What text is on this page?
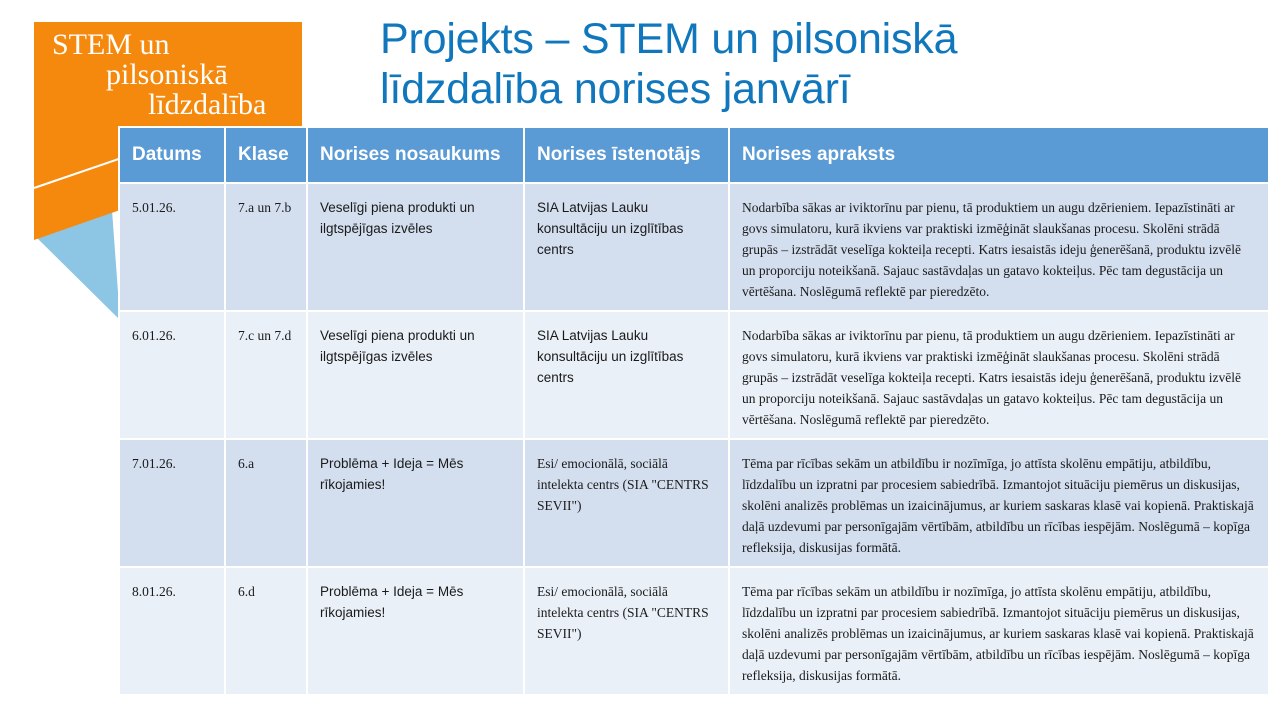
STEM un
pilsoniskā
līdzdalība
Projekts – STEM un pilsoniskā
līdzdalība norises janvārī
Datums	Klase	Norises nosaukums	Norises īstenotājs	Norises apraksts
5.01.26.	7.a un 7.b	Veselīgi piena produkti un ilgtspējīgas izvēles	SIA Latvijas Lauku konsultāciju un izglītības centrs	Nodarbība sākas ar iviktorīnu par pienu, tā produktiem un augu dzērieniem. Iepazīstināti ar govs simulatoru, kurā ikviens var praktiski izmēģināt slaukšanas procesu. Skolēni strādā grupās – izstrādāt veselīga kokteiļa recepti. Katrs iesaistās ideju ģenerēšanā, produktu izvēlē un proporciju noteikšanā. Sajauc sastāvdaļas un gatavo kokteiļus. Pēc tam degustācija un vērtēšana. Noslēgumā reflektē par pieredzēto.
6.01.26.	7.c un 7.d	Veselīgi piena produkti un ilgtspējīgas izvēles	SIA Latvijas Lauku konsultāciju un izglītības centrs	Nodarbība sākas ar iviktorīnu par pienu, tā produktiem un augu dzērieniem. Iepazīstināti ar govs simulatoru, kurā ikviens var praktiski izmēģināt slaukšanas procesu. Skolēni strādā grupās – izstrādāt veselīga kokteiļa recepti. Katrs iesaistās ideju ģenerēšanā, produktu izvēlē un proporciju noteikšanā. Sajauc sastāvdaļas un gatavo kokteiļus. Pēc tam degustācija un vērtēšana. Noslēgumā reflektē par pieredzēto.
7.01.26.	6.a	Problēma + Ideja = Mēs rīkojamies!	Esi/ emocionālā, sociālā intelekta centrs (SIA "CENTRS SEVII")	Tēma par rīcības sekām un atbildību ir nozīmīga, jo attīsta skolēnu empātiju, atbildību, līdzdalību un izpratni par procesiem sabiedrībā. Izmantojot situāciju piemērus un diskusijas, skolēni analizēs problēmas un izaicinājumus, ar kuriem saskaras klasē vai kopienā. Praktiskajā daļā uzdevumi par personīgajām vērtībām, atbildību un rīcības iespējām. Noslēgumā – kopīga refleksija, diskusijas formātā.
8.01.26.	6.d	Problēma + Ideja = Mēs rīkojamies!	Esi/ emocionālā, sociālā intelekta centrs (SIA "CENTRS SEVII")	Tēma par rīcības sekām un atbildību ir nozīmīga, jo attīsta skolēnu empātiju, atbildību, līdzdalību un izpratni par procesiem sabiedrībā. Izmantojot situāciju piemērus un diskusijas, skolēni analizēs problēmas un izaicinājumus, ar kuriem saskaras klasē vai kopienā. Praktiskajā daļā uzdevumi par personīgajām vērtībām, atbildību un rīcības iespējām. Noslēgumā – kopīga refleksija, diskusijas formātā.
